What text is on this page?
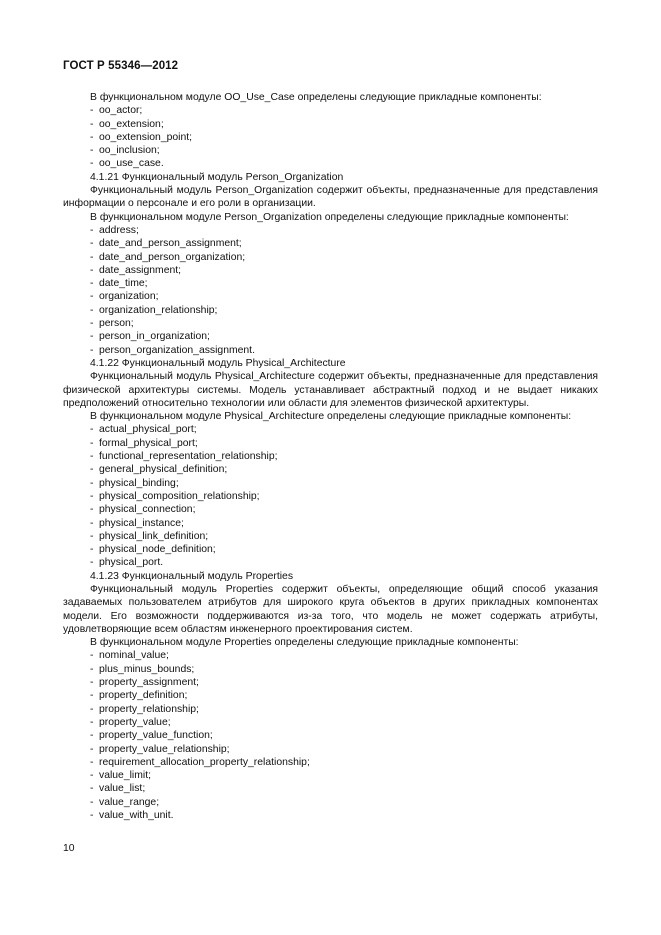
ГОСТ Р 55346—2012
В функциональном модуле OO_Use_Case определены следующие прикладные компоненты:
- oo_actor;
- oo_extension;
- oo_extension_point;
- oo_inclusion;
- oo_use_case.
4.1.21 Функциональный модуль Person_Organization
Функциональный модуль Person_Organization содержит объекты, предназначенные для представления информации о персонале и его роли в организации.
В функциональном модуле Person_Organization определены следующие прикладные компоненты:
- address;
- date_and_person_assignment;
- date_and_person_organization;
- date_assignment;
- date_time;
- organization;
- organization_relationship;
- person;
- person_in_organization;
- person_organization_assignment.
4.1.22 Функциональный модуль Physical_Architecture
Функциональный модуль Physical_Architecture содержит объекты, предназначенные для представления физической архитектуры системы. Модель устанавливает абстрактный подход и не выдает никаких предположений относительно технологии или области для элементов физической архитектуры.
В функциональном модуле Physical_Architecture определены следующие прикладные компоненты:
- actual_physical_port;
- formal_physical_port;
- functional_representation_relationship;
- general_physical_definition;
- physical_binding;
- physical_composition_relationship;
- physical_connection;
- physical_instance;
- physical_link_definition;
- physical_node_definition;
- physical_port.
4.1.23 Функциональный модуль Properties
Функциональный модуль Properties содержит объекты, определяющие общий способ указания задаваемых пользователем атрибутов для широкого круга объектов в других прикладных компонентах модели. Его возможности поддерживаются из-за того, что модель не может содержать атрибуты, удовлетворяющие всем областям инженерного проектирования систем.
В функциональном модуле Properties определены следующие прикладные компоненты:
- nominal_value;
- plus_minus_bounds;
- property_assignment;
- property_definition;
- property_relationship;
- property_value;
- property_value_function;
- property_value_relationship;
- requirement_allocation_property_relationship;
- value_limit;
- value_list;
- value_range;
- value_with_unit.
10
